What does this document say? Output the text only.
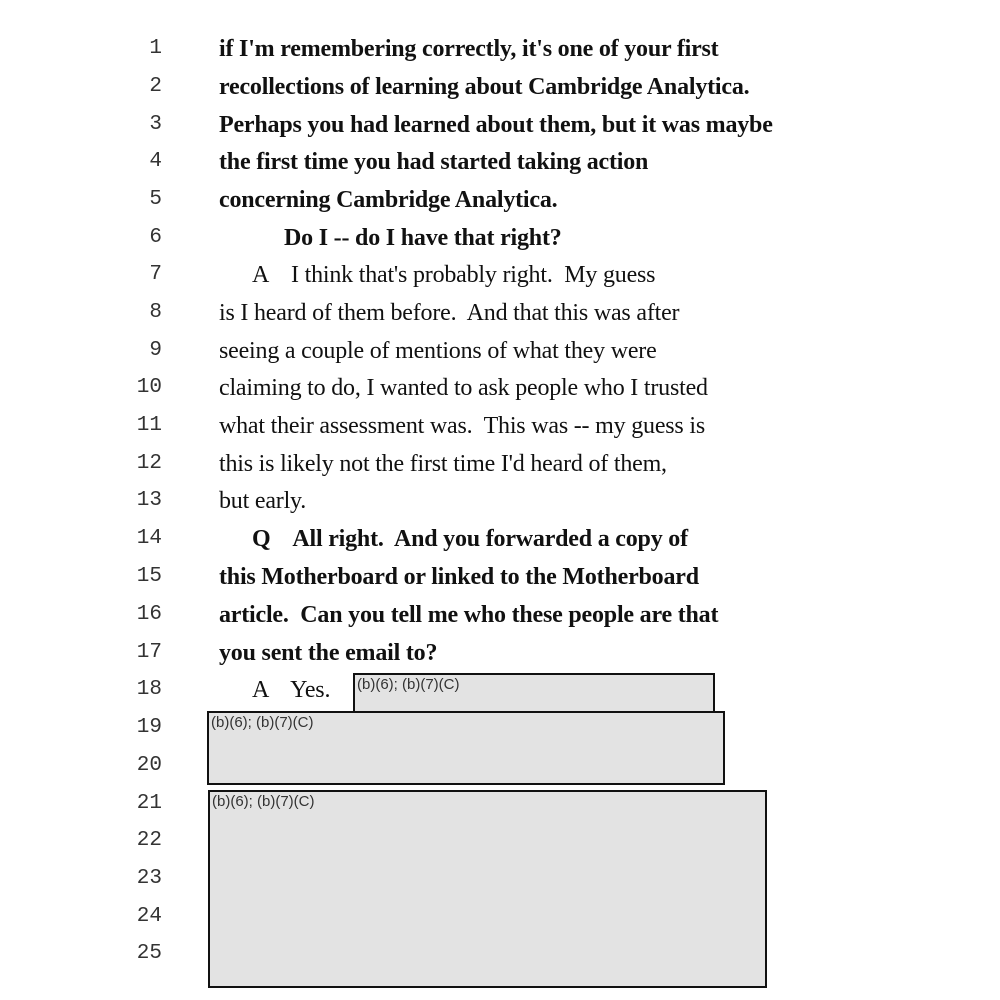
1
2
3
4
5
6
7
8
9
10
11
12
13
14
15
16
17
18
19
20
21
22
23
24
25
if I'm remembering correctly, it's one of your first
recollections of learning about Cambridge Analytica.
Perhaps you had learned about them, but it was maybe
the first time you had started taking action
concerning Cambridge Analytica.
Do I -- do I have that right?
A    I think that's probably right.  My guess
is I heard of them before.  And that this was after
seeing a couple of mentions of what they were
claiming to do, I wanted to ask people who I trusted
what their assessment was.  This was -- my guess is
this is likely not the first time I'd heard of them,
but early.
Q    All right.  And you forwarded a copy of
this Motherboard or linked to the Motherboard
article.  Can you tell me who these people are that
you sent the email to?
A    Yes. (b)(6); (b)(7)(C)
(b)(6); (b)(7)(C)
(b)(6); (b)(7)(C)
